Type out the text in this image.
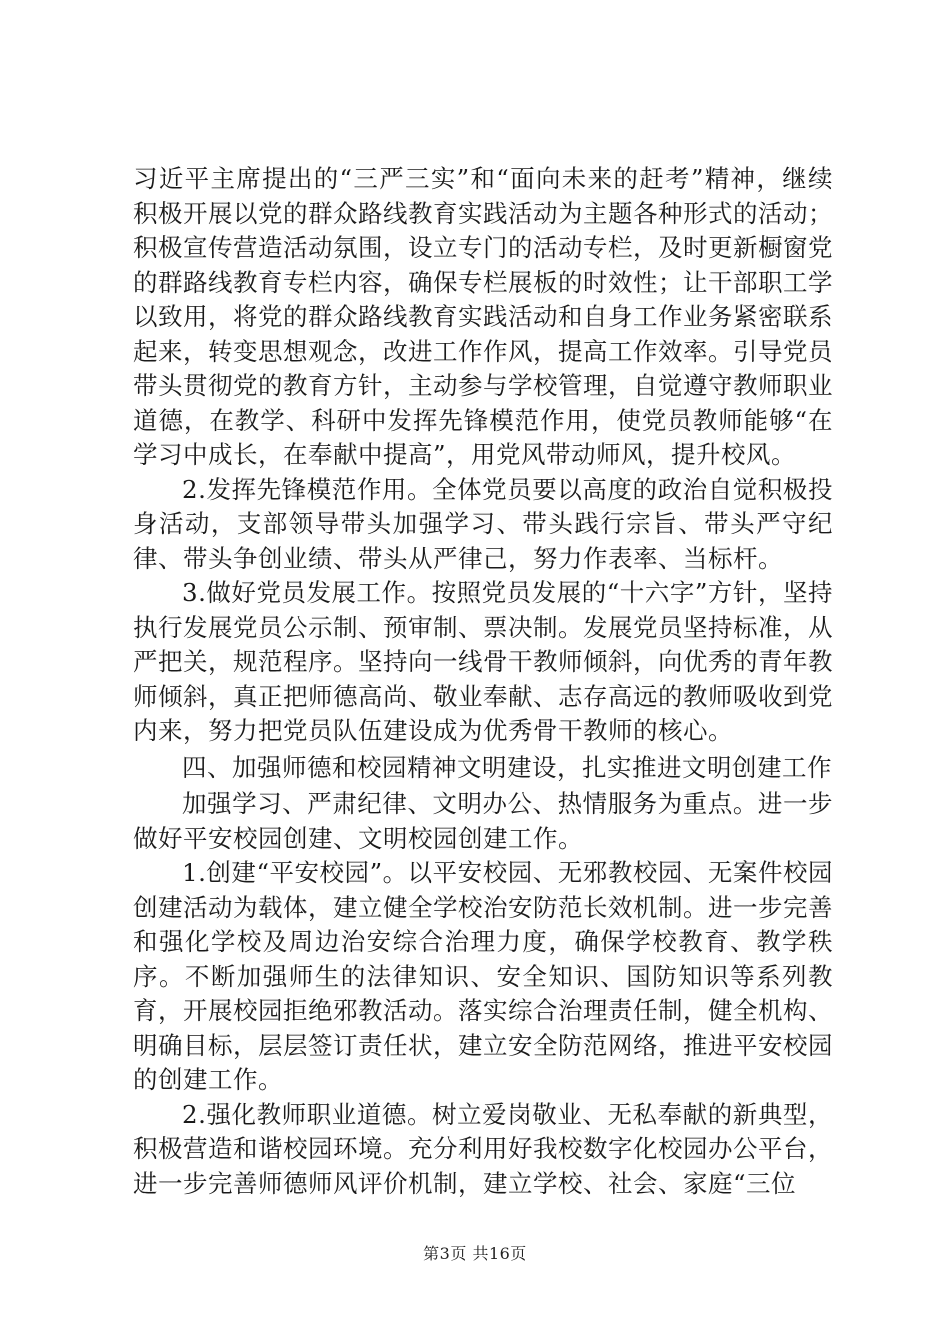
习近平主席提出的“三严三实”和“面向未来的赶考”精神，继续积极开展以党的群众路线教育实践活动为主题各种形式的活动；积极宣传营造活动氛围，设立专门的活动专栏，及时更新橱窗党的群路线教育专栏内容，确保专栏展板的时效性；让干部职工学以致用，将党的群众路线教育实践活动和自身工作业务紧密联系起来，转变思想观念，改进工作作风，提高工作效率。引导党员带头贯彻党的教育方针，主动参与学校管理，自觉遵守教师职业道德，在教学、科研中发挥先锋模范作用，使党员教师能够“在学习中成长，在奉献中提高”，用党风带动师风，提升校风。

2.发挥先锋模范作用。全体党员要以高度的政治自觉积极投身活动，支部领导带头加强学习、带头践行宗旨、带头严守纪律、带头争创业绩、带头从严律己，努力作表率、当标杆。

3.做好党员发展工作。按照党员发展的“十六字”方针，坚持执行发展党员公示制、预审制、票决制。发展党员坚持标准，从严把关，规范程序。坚持向一线骨干教师倾斜，向优秀的青年教师倾斜，真正把师德高尚、敬业奉献、志存高远的教师吸收到党内来，努力把党员队伍建设成为优秀骨干教师的核心。

四、加强师德和校园精神文明建设，扎实推进文明创建工作

加强学习、严肃纪律、文明办公、热情服务为重点。进一步做好平安校园创建、文明校园创建工作。

1.创建“平安校园”。以平安校园、无邪教校园、无案件校园创建活动为载体，建立健全学校治安防范长效机制。进一步完善和强化学校及周边治安综合治理力度，确保学校教育、教学秩序。不断加强师生的法律知识、安全知识、国防知识等系列教育，开展校园拒绝邪教活动。落实综合治理责任制，健全机构、明确目标，层层签订责任状，建立安全防范网络，推进平安校园的创建工作。

2.强化教师职业道德。树立爱岗敬业、无私奉献的新典型，积极营造和谐校园环境。充分利用好我校数字化校园办公平台，进一步完善师德师风评价机制，建立学校、社会、家庭“三位

第3页 共16页
